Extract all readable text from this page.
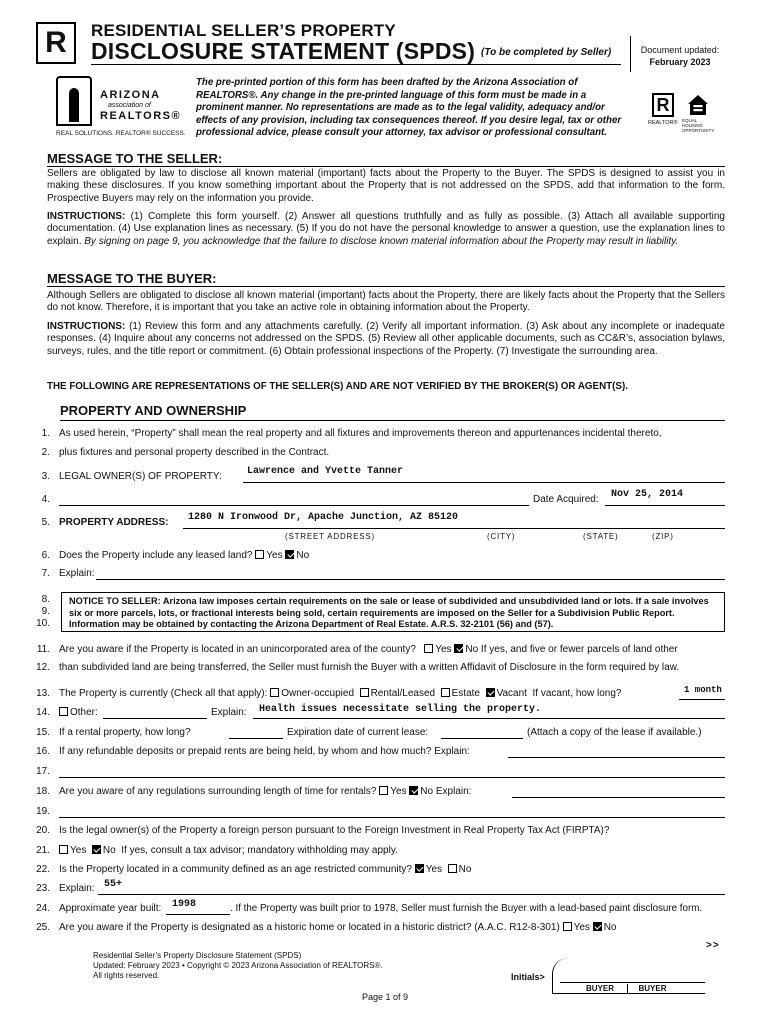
R	RESIDENTIAL SELLER’S PROPERTY
DISCLOSURE STATEMENT (SPDS) (To be completed by Seller)	Document updated:
February 2023
ARIZONA
association of
REALTORS®
REAL SOLUTIONS. REALTOR® SUCCESS.
The pre-printed portion of this form has been drafted by the Arizona Association of REALTORS®. Any change in the pre-printed language of this form must be made in a prominent manner. No representations are made as to the legal validity, adequacy and/or effects of any provision, including tax consequences thereof. If you desire legal, tax or other professional advice, please consult your attorney, tax advisor or professional consultant.
R
REALTOR® EQUAL HOUSING OPPORTUNITY
MESSAGE TO THE SELLER:
Sellers are obligated by law to disclose all known material (important) facts about the Property to the Buyer. The SPDS is designed to assist you in making these disclosures. If you know something important about the Property that is not addressed on the SPDS, add that information to the form. Prospective Buyers may rely on the information you provide.
INSTRUCTIONS: (1) Complete this form yourself. (2) Answer all questions truthfully and as fully as possible. (3) Attach all available supporting documentation. (4) Use explanation lines as necessary. (5) If you do not have the personal knowledge to answer a question, use the explanation lines to explain. By signing on page 9, you acknowledge that the failure to disclose known material information about the Property may result in liability.
MESSAGE TO THE BUYER:
Although Sellers are obligated to disclose all known material (important) facts about the Property, there are likely facts about the Property that the Sellers do not know. Therefore, it is important that you take an active role in obtaining information about the Property.
INSTRUCTIONS: (1) Review this form and any attachments carefully. (2) Verify all important information. (3) Ask about any incomplete or inadequate responses. (4) Inquire about any concerns not addressed on the SPDS. (5) Review all other applicable documents, such as CC&R’s, association bylaws, surveys, rules, and the title report or commitment. (6) Obtain professional inspections of the Property. (7) Investigate the surrounding area.
THE FOLLOWING ARE REPRESENTATIONS OF THE SELLER(S) AND ARE NOT VERIFIED BY THE BROKER(S) OR AGENT(S).
PROPERTY AND OWNERSHIP
1. As used herein, “Property” shall mean the real property and all fixtures and improvements thereon and appurtenances incidental thereto,
2. plus fixtures and personal property described in the Contract.
3. LEGAL OWNER(S) OF PROPERTY:	Lawrence and Yvette Tanner
4.	Date Acquired: Nov 25, 2014
5. PROPERTY ADDRESS: 1280 N Ironwood Dr, Apache Junction, AZ 85120
(STREET ADDRESS)	(CITY)	(STATE)	(ZIP)
6. Does the Property include any leased land? Yes No
7. Explain:
8.
9.
10.
NOTICE TO SELLER: Arizona law imposes certain requirements on the sale or lease of subdivided and unsubdivided land or lots. If a sale involves six or more parcels, lots, or fractional interests being sold, certain requirements are imposed on the Seller for a Subdivision Public Report. Information may be obtained by contacting the Arizona Department of Real Estate. A.R.S. 32-2101 (56) and (57).
11. Are you aware if the Property is located in an unincorporated area of the county? Yes No If yes, and five or fewer parcels of land other
12. than subdivided land are being transferred, the Seller must furnish the Buyer with a written Affidavit of Disclosure in the form required by law.
13. The Property is currently (Check all that apply): Owner-occupied Rental/Leased Estate Vacant If vacant, how long?	1 month
14.	Other:	Explain: Health issues necessitate selling the property.
15. If a rental property, how long?	Expiration date of current lease:	(Attach a copy of the lease if available.)
16. If any refundable deposits or prepaid rents are being held, by whom and how much? Explain:
17.
18. Are you aware of any regulations surrounding length of time for rentals? Yes No Explain:
19.
20. Is the legal owner(s) of the Property a foreign person pursuant to the Foreign Investment in Real Property Tax Act (FIRPTA)?
21.	Yes No If yes, consult a tax advisor; mandatory withholding may apply.
22. Is the Property located in a community defined as an age restricted community? Yes No
23. Explain: 55+
24. Approximate year built: 1998	. If the Property was built prior to 1978, Seller must furnish the Buyer with a lead-based paint disclosure form.
25. Are you aware if the Property is designated as a historic home or located in a historic district? (A.A.C. R12-8-301) Yes No
>>
Residential Seller’s Property Disclosure Statement (SPDS)
Updated: February 2023 • Copyright © 2023 Arizona Association of REALTORS®.
All rights reserved.	Initials>
BUYER	BUYER
Page 1 of 9
